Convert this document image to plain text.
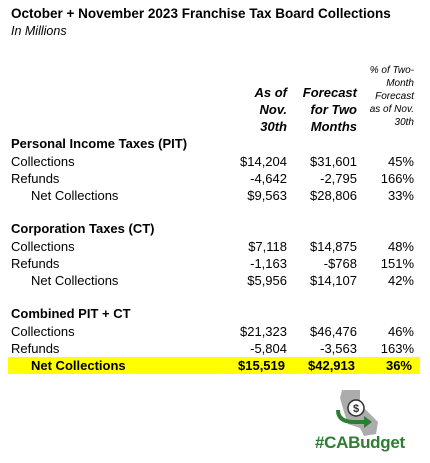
October + November 2023 Franchise Tax Board Collections
In Millions
As of
Nov.
30th
Forecast
for Two
Months
% of Two-
Month
Forecast
as of Nov.
30th
Personal Income Taxes (PIT)
Collections	$14,204 $31,601 45%
Refunds	-4,642	-2,795 166%
Net Collections	$9,563 $28,806 33%
Corporation Taxes (CT)
Collections	$7,118 $14,875 48%
Refunds	-1,163	-$768 151%
Net Collections	$5,956 $14,107 42%
Combined PIT + CT
Collections	$21,323 $46,476 46%
Refunds	-5,804	-3,563 163%
Net Collections	$15,519 $42,913 36%
$
#CABudget
